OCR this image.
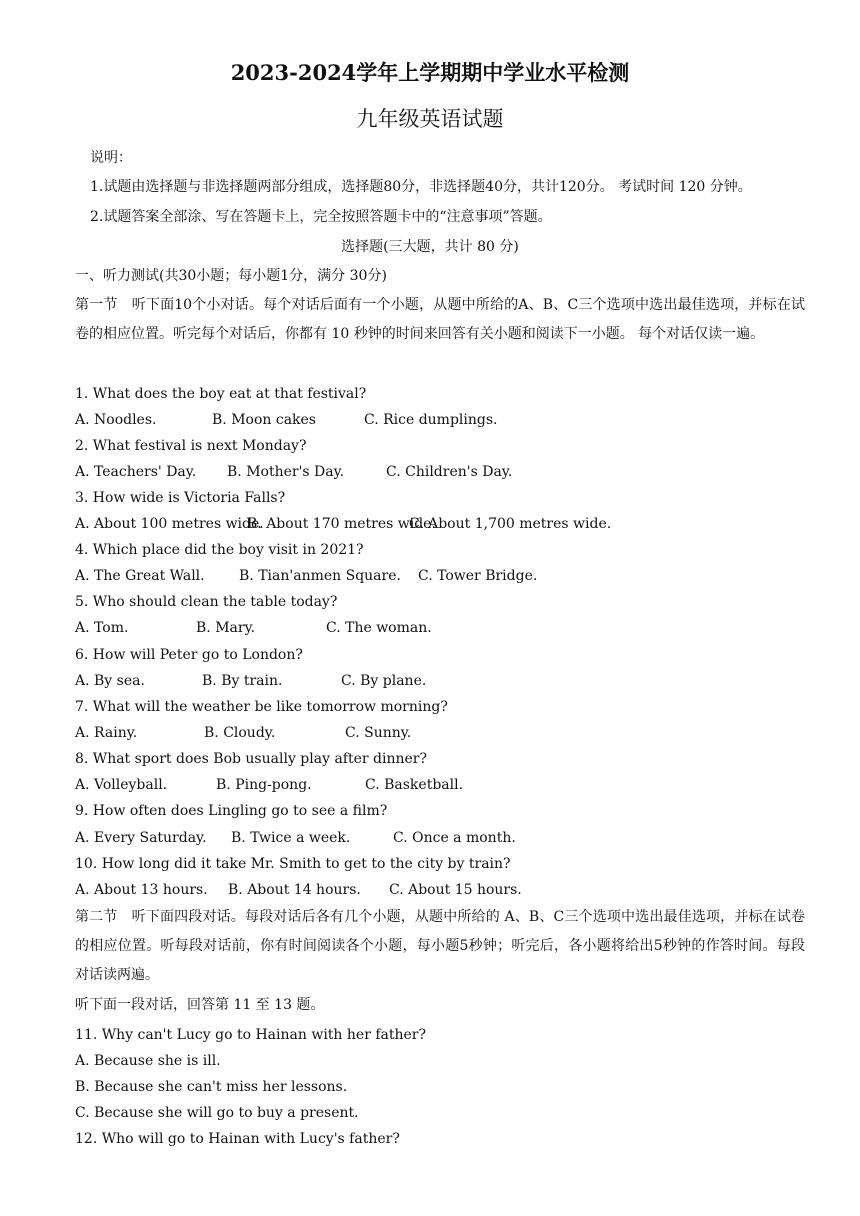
2023-2024学年上学期期中学业水平检测
九年级英语试题
说明：
1.试题由选择题与非选择题两部分组成，选择题80分，非选择题40分，共计120分。 考试时间 120 分钟。
2.试题答案全部涂、写在答题卡上，完全按照答题卡中的“注意事项”答题。
选择题(三大题，共计 80 分)
一、听力测试(共30小题；每小题1分，满分 30分)
第一节　听下面10个小对话。每个对话后面有一个小题，从题中所给的A、B、C三个选项中选出最佳选项，并标在试卷的相应位置。听完每个对话后，你都有 10 秒钟的时间来回答有关小题和阅读下一小题。 每个对话仅读一遍。
1. What does the boy eat at that festival?
A. Noodles.	B. Moon cakes	C. Rice dumplings.
2. What festival is next Monday?
A. Teachers' Day. B. Mother's Day.	C. Children's Day.
3. How wide is Victoria Falls?
A. About 100 metres wide.
B. About 170 metres wide.
C. About 1,700 metres wide.
4. Which place did the boy visit in 2021?
A. The Great Wall. B. Tian'anmen Square. C. Tower Bridge.
5. Who should clean the table today?
A. Tom.	B. Mary.	C. The woman.
6. How will Peter go to London?
A. By sea.	B. By train.	C. By plane.
7. What will the weather be like tomorrow morning?
A. Rainy.	B. Cloudy.	C. Sunny.
8. What sport does Bob usually play after dinner?
A. Volleyball.	B. Ping-pong.	C. Basketball.
9. How often does Lingling go to see a film?
A. Every Saturday. B. Twice a week.	C. Once a month.
10. How long did it take Mr. Smith to get to the city by train?
A. About 13 hours. B. About 14 hours. C. About 15 hours.
第二节　听下面四段对话。每段对话后各有几个小题，从题中所给的 A、B、C三个选项中选出最佳选项，并标在试卷的相应位置。听每段对话前，你有时间阅读各个小题，每小题5秒钟；听完后，各小题将给出5秒钟的作答时间。每段对话读两遍。
听下面一段对话，回答第 11 至 13 题。
11. Why can't Lucy go to Hainan with her father?
A. Because she is ill.
B. Because she can't miss her lessons.
C. Because she will go to buy a present.
12. Who will go to Hainan with Lucy's father?
